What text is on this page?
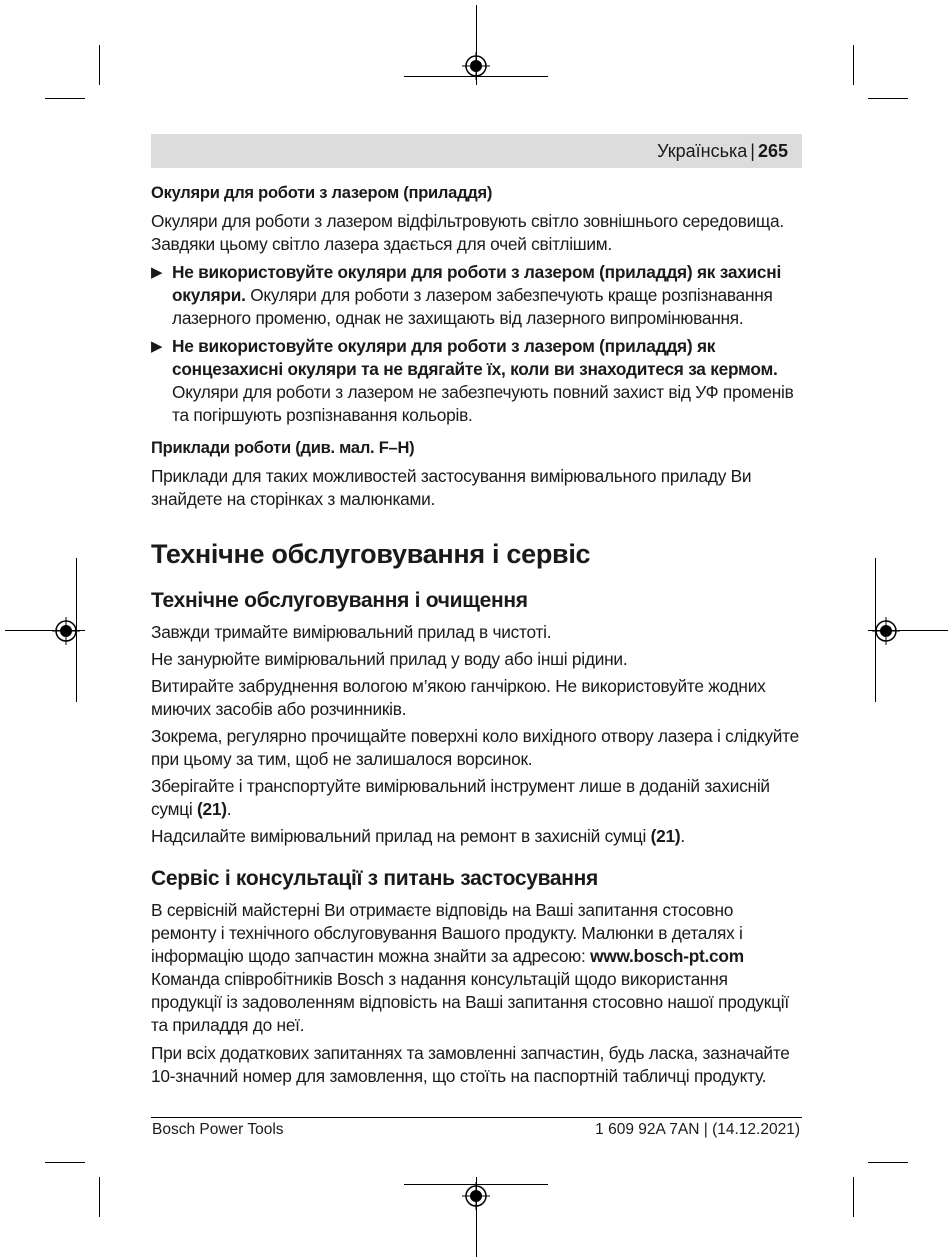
Українська | 265

Окуляри для роботи з лазером (приладдя)

Окуляри для роботи з лазером відфільтровують світло зовнішнього середовища. Завдяки цьому світло лазера здається для очей світлішим.

▶ Не використовуйте окуляри для роботи з лазером (приладдя) як захисні окуляри. Окуляри для роботи з лазером забезпечують краще розпізнавання лазерного променю, однак не захищають від лазерного випромінювання.
▶ Не використовуйте окуляри для роботи з лазером (приладдя) як сонцезахисні окуляри та не вдягайте їх, коли ви знаходитеся за кермом.
Окуляри для роботи з лазером не забезпечують повний захист від УФ променів та погіршують розпізнавання кольорів.

Приклади роботи (див. мал. F–H)

Приклади для таких можливостей застосування вимірювального приладу Ви знайдете на сторінках з малюнками.

Технічне обслуговування і сервіс

Технічне обслуговування і очищення

Завжди тримайте вимірювальний прилад в чистоті.

Не занурюйте вимірювальний прилад у воду або інші рідини.

Витирайте забруднення вологою м’якою ганчіркою. Не використовуйте жодних миючих засобів або розчинників.

Зокрема, регулярно прочищайте поверхні коло вихідного отвору лазера і слідкуйте при цьому за тим, щоб не залишалося ворсинок.

Зберігайте і транспортуйте вимірювальний інструмент лише в доданій захисній сумці (21).

Надсилайте вимірювальний прилад на ремонт в захисній сумці (21).

Сервіс і консультації з питань застосування

В сервісній майстерні Ви отримаєте відповідь на Ваші запитання стосовно ремонту і технічного обслуговування Вашого продукту. Малюнки в деталях і інформацію щодо запчастин можна знайти за адресою: www.bosch-pt.com

Команда співробітників Bosch з надання консультацій щодо використання продукції із задоволенням відповість на Ваші запитання стосовно нашої продукції та приладдя до неї.

При всіх додаткових запитаннях та замовленні запчастин, будь ласка, зазначайте 10-значний номер для замовлення, що стоїть на паспортній табличці продукту.

Bosch Power Tools	1 609 92A 7AN | (14.12.2021)
